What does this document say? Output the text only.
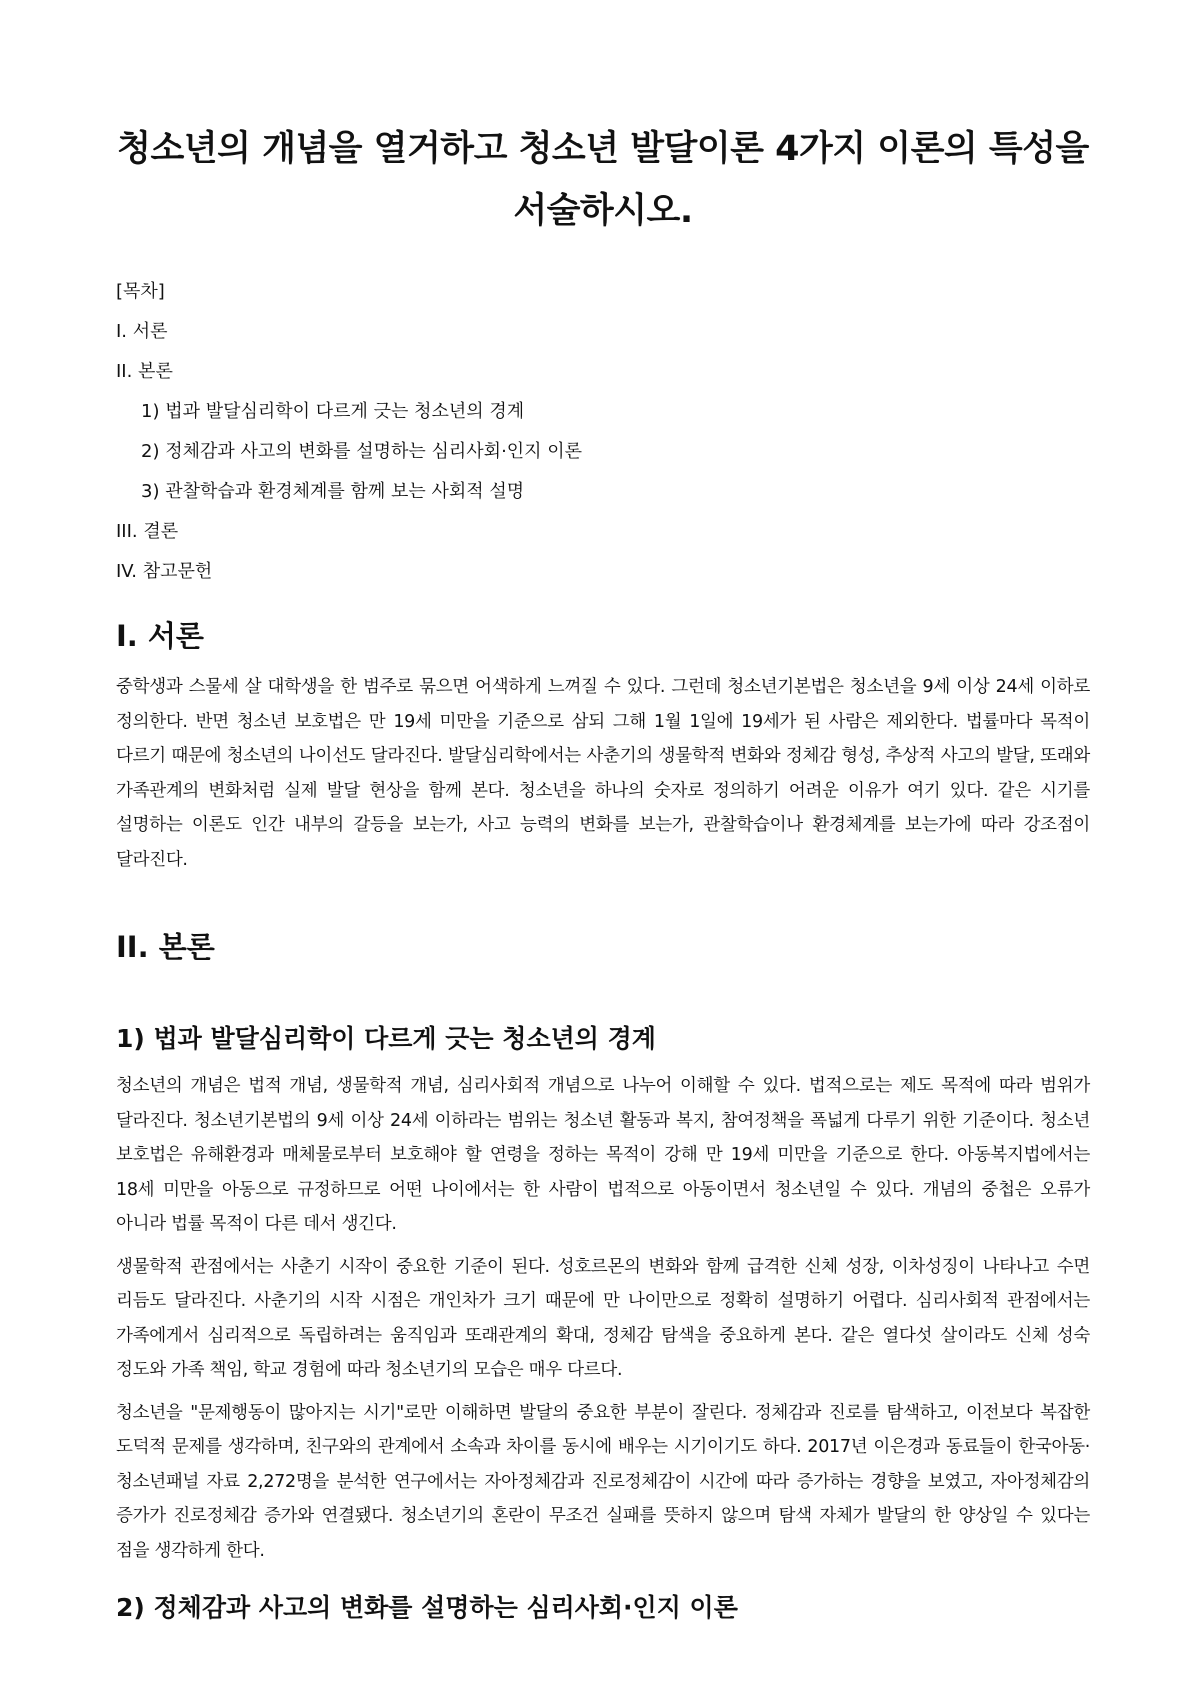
청소년의 개념을 열거하고 청소년 발달이론 4가지 이론의 특성을 서술하시오.
[목차]
I. 서론
II. 본론
1) 법과 발달심리학이 다르게 긋는 청소년의 경계
2) 정체감과 사고의 변화를 설명하는 심리사회·인지 이론
3) 관찰학습과 환경체계를 함께 보는 사회적 설명
III. 결론
IV. 참고문헌
I. 서론

중학생과 스물세 살 대학생을 한 범주로 묶으면 어색하게 느껴질 수 있다. 그런데 청소년기본법은 청소년을 9세 이상 24세 이하로 정의한다. 반면 청소년 보호법은 만 19세 미만을 기준으로 삼되 그해 1월 1일에 19세가 된 사람은 제외한다. 법률마다 목적이 다르기 때문에 청소년의 나이선도 달라진다. 발달심리학에서는 사춘기의 생물학적 변화와 정체감 형성, 추상적 사고의 발달, 또래와 가족관계의 변화처럼 실제 발달 현상을 함께 본다. 청소년을 하나의 숫자로 정의하기 어려운 이유가 여기 있다. 같은 시기를 설명하는 이론도 인간 내부의 갈등을 보는가, 사고 능력의 변화를 보는가, 관찰학습이나 환경체계를 보는가에 따라 강조점이 달라진다.

II. 본론
1) 법과 발달심리학이 다르게 긋는 청소년의 경계

청소년의 개념은 법적 개념, 생물학적 개념, 심리사회적 개념으로 나누어 이해할 수 있다. 법적으로는 제도 목적에 따라 범위가 달라진다. 청소년기본법의 9세 이상 24세 이하라는 범위는 청소년 활동과 복지, 참여정책을 폭넓게 다루기 위한 기준이다. 청소년 보호법은 유해환경과 매체물로부터 보호해야 할 연령을 정하는 목적이 강해 만 19세 미만을 기준으로 한다. 아동복지법에서는 18세 미만을 아동으로 규정하므로 어떤 나이에서는 한 사람이 법적으로 아동이면서 청소년일 수 있다. 개념의 중첩은 오류가 아니라 법률 목적이 다른 데서 생긴다.

생물학적 관점에서는 사춘기 시작이 중요한 기준이 된다. 성호르몬의 변화와 함께 급격한 신체 성장, 이차성징이 나타나고 수면 리듬도 달라진다. 사춘기의 시작 시점은 개인차가 크기 때문에 만 나이만으로 정확히 설명하기 어렵다. 심리사회적 관점에서는 가족에게서 심리적으로 독립하려는 움직임과 또래관계의 확대, 정체감 탐색을 중요하게 본다. 같은 열다섯 살이라도 신체 성숙 정도와 가족 책임, 학교 경험에 따라 청소년기의 모습은 매우 다르다.

청소년을 "문제행동이 많아지는 시기"로만 이해하면 발달의 중요한 부분이 잘린다. 정체감과 진로를 탐색하고, 이전보다 복잡한 도덕적 문제를 생각하며, 친구와의 관계에서 소속과 차이를 동시에 배우는 시기이기도 하다. 2017년 이은경과 동료들이 한국아동·청소년패널 자료 2,272명을 분석한 연구에서는 자아정체감과 진로정체감이 시간에 따라 증가하는 경향을 보였고, 자아정체감의 증가가 진로정체감 증가와 연결됐다. 청소년기의 혼란이 무조건 실패를 뜻하지 않으며 탐색 자체가 발달의 한 양상일 수 있다는 점을 생각하게 한다.

2) 정체감과 사고의 변화를 설명하는 심리사회·인지 이론
